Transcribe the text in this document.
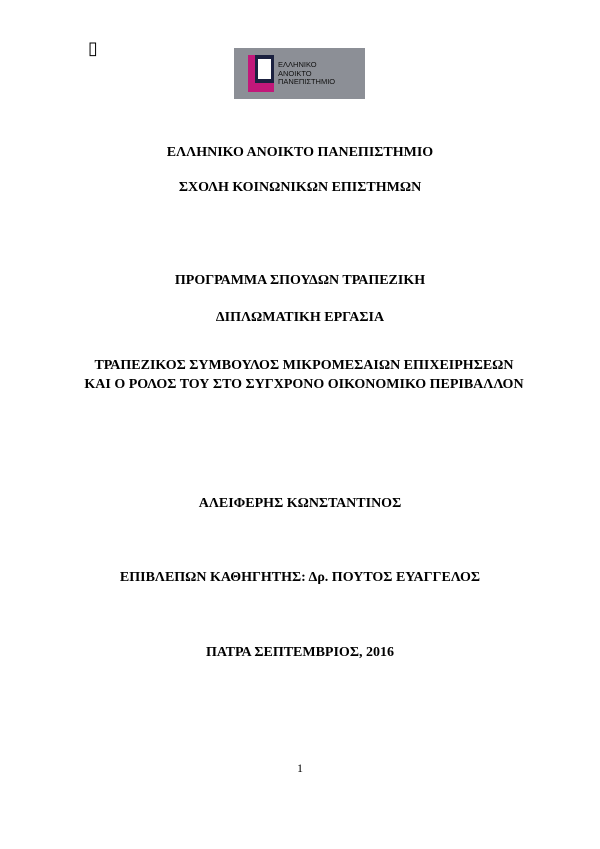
▯
ΕΛΛΗΝΙΚΟ
ΑΝΟΙΚΤΟ
ΠΑΝΕΠΙΣΤΗΜΙΟ
ΕΛΛΗΝΙΚΟ ΑΝΟΙΚΤΟ ΠΑΝΕΠΙΣΤΗΜΙΟ
ΣΧΟΛΗ ΚΟΙΝΩΝΙΚΩΝ ΕΠΙΣΤΗΜΩΝ
ΠΡΟΓΡΑΜΜΑ ΣΠΟΥΔΩΝ ΤΡΑΠΕΖΙΚΗ
ΔΙΠΛΩΜΑΤΙΚΗ ΕΡΓΑΣΙΑ
ΤΡΑΠΕΖΙΚΟΣ ΣΥΜΒΟΥΛΟΣ ΜΙΚΡΟΜΕΣΑΙΩΝ ΕΠΙΧΕΙΡΗΣΕΩΝ ΚΑΙ Ο ΡΟΛΟΣ ΤΟΥ ΣΤΟ ΣΥΓΧΡΟΝΟ ΟΙΚΟΝΟΜΙΚΟ ΠΕΡΙΒΑΛΛΟΝ
ΑΛΕΙΦΕΡΗΣ ΚΩΝΣΤΑΝΤΙΝΟΣ
ΕΠΙΒΛΕΠΩΝ ΚΑΘΗΓΗΤΗΣ: Δρ. ΠΟΥΤΟΣ ΕΥΑΓΓΕΛΟΣ
ΠΑΤΡΑ ΣΕΠΤΕΜΒΡΙΟΣ, 2016
1
